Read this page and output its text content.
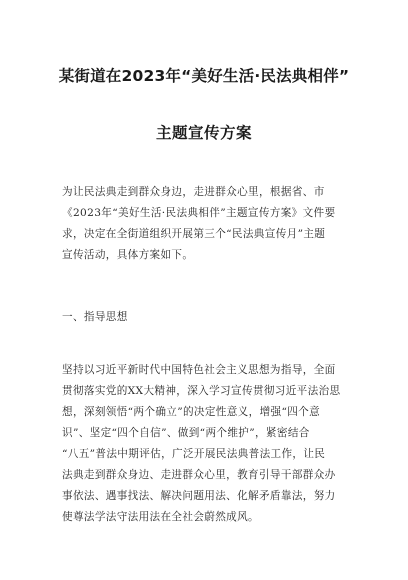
某街道在2023年“美好生活·民法典相伴”
主题宣传方案
为让民法典走到群众身边，走进群众心里，根据省、市
《2023年“美好生活·民法典相伴”主题宣传方案》文件要
求，决定在全街道组织开展第三个“民法典宣传月”主题
宣传活动，具体方案如下。
一、指导思想
坚持以习近平新时代中国特色社会主义思想为指导，全面
贯彻落实党的XX大精神，深入学习宣传贯彻习近平法治思
想，深刻领悟“两个确立”的决定性意义，增强“四个意
识”、坚定“四个自信”、做到“两个维护”，紧密结合
“八五”普法中期评估，广泛开展民法典普法工作，让民
法典走到群众身边、走进群众心里，教育引导干部群众办
事依法、遇事找法、解决问题用法、化解矛盾靠法，努力
使尊法学法守法用法在全社会蔚然成风。
